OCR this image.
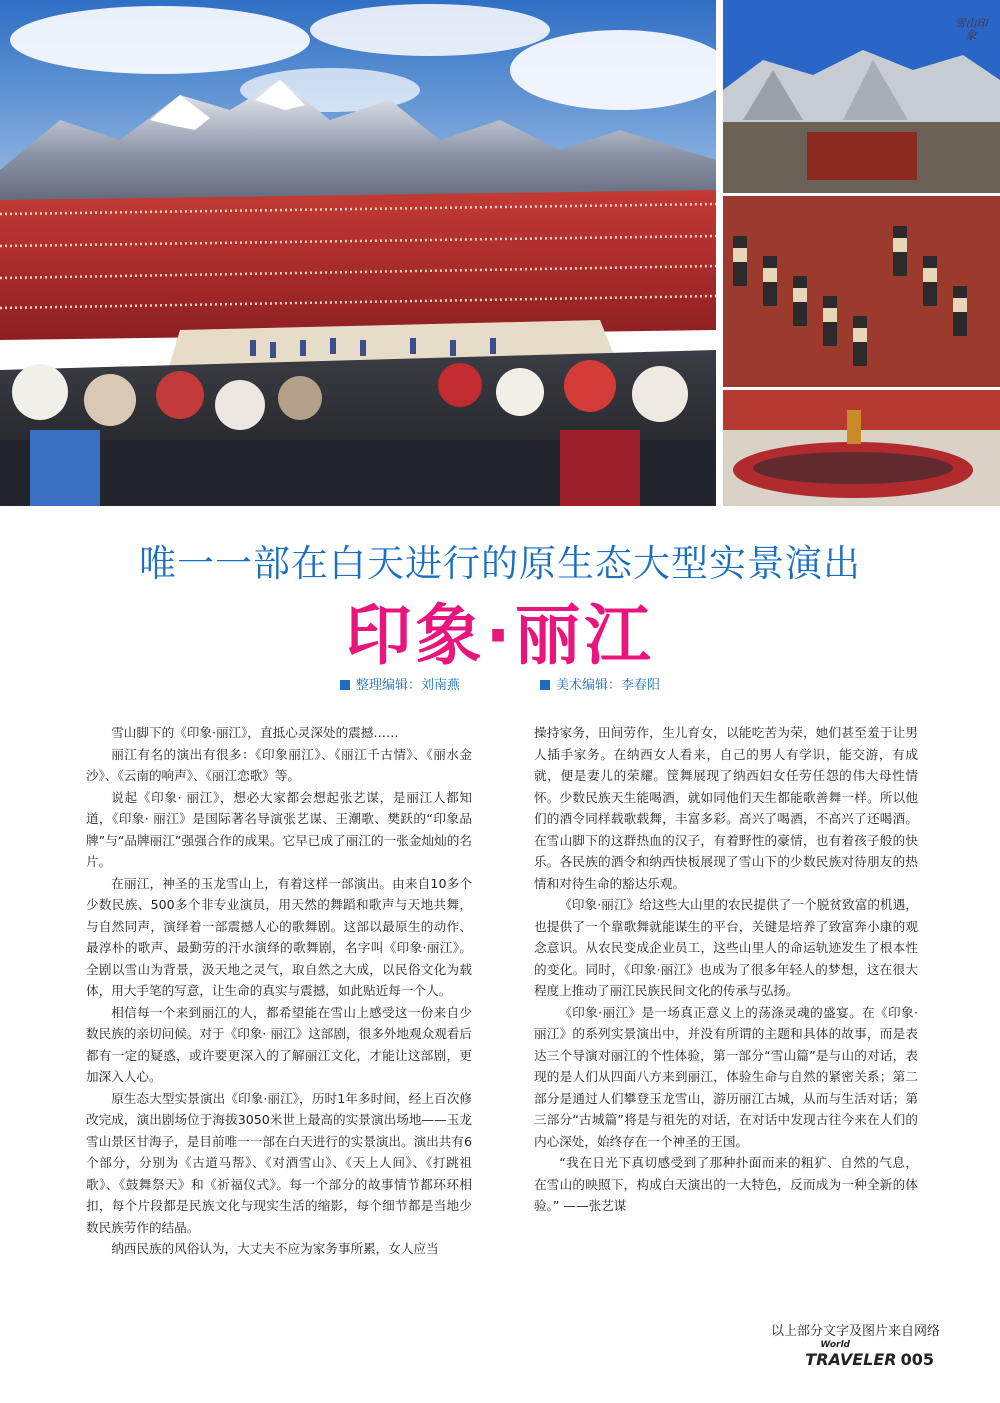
雪山印象
唯一一部在白天进行的原生态大型实景演出
印象·丽江
整理编辑：刘南燕	美术编辑：李春阳

雪山脚下的《印象·丽江》，直抵心灵深处的震撼……

丽江有名的演出有很多：《印象丽江》、《丽江千古情》、《丽水金沙》、《云南的响声》、《丽江恋歌》等。

说起《印象· 丽江》，想必大家都会想起张艺谋，是丽江人都知道，《印象· 丽江》是国际著名导演张艺谋、王潮歌、樊跃的“印象品牌”与“品牌丽江”强强合作的成果。它早已成了丽江的一张金灿灿的名片。

在丽江，神圣的玉龙雪山上，有着这样一部演出。由来自10多个少数民族、500多个非专业演员，用天然的舞蹈和歌声与天地共舞，与自然同声，演绎着一部震撼人心的歌舞剧。这部以最原生的动作、最淳朴的歌声、最勤劳的汗水演绎的歌舞剧，名字叫《印象·丽江》。全剧以雪山为背景，汲天地之灵气，取自然之大成，以民俗文化为载体，用大手笔的写意，让生命的真实与震撼，如此贴近每一个人。

相信每一个来到丽江的人，都希望能在雪山上感受这一份来自少数民族的亲切问候。对于《印象· 丽江》这部剧，很多外地观众观看后都有一定的疑惑，或许要更深入的了解丽江文化，才能让这部剧，更加深入人心。

原生态大型实景演出《印象·丽江》，历时1年多时间，经上百次修改完成，演出剧场位于海拔3050米世上最高的实景演出场地——玉龙雪山景区甘海子，是目前唯一一部在白天进行的实景演出。演出共有6个部分，分别为《古道马帮》、《对酒雪山》、《天上人间》、《打跳祖歌》、《鼓舞祭天》和《祈福仪式》。每一个部分的故事情节都环环相扣，每个片段都是民族文化与现实生活的缩影，每个细节都是当地少数民族劳作的结晶。

纳西民族的风俗认为，大丈夫不应为家务事所累，女人应当

操持家务，田间劳作，生儿育女，以能吃苦为荣，她们甚至羞于让男人插手家务。在纳西女人看来，自己的男人有学识，能交游，有成就，便是妻儿的荣耀。筐舞展现了纳西妇女任劳任怨的伟大母性情怀。少数民族天生能喝酒，就如同他们天生都能歌善舞一样。所以他们的酒令同样载歌载舞，丰富多彩。高兴了喝酒，不高兴了还喝酒。在雪山脚下的这群热血的汉子，有着野性的豪情，也有着孩子般的快乐。各民族的酒令和纳西快板展现了雪山下的少数民族对待朋友的热情和对待生命的豁达乐观。

《印象·丽江》给这些大山里的农民提供了一个脱贫致富的机遇，也提供了一个靠歌舞就能谋生的平台，关键是培养了致富奔小康的观念意识。从农民变成企业员工，这些山里人的命运轨迹发生了根本性的变化。同时，《印象·丽江》也成为了很多年轻人的梦想，这在很大程度上推动了丽江民族民间文化的传承与弘扬。

《印象·丽江》是一场真正意义上的荡涤灵魂的盛宴。在《印象·丽江》的系列实景演出中，并没有所谓的主题和具体的故事，而是表达三个导演对丽江的个性体验，第一部分“雪山篇”是与山的对话，表现的是人们从四面八方来到丽江，体验生命与自然的紧密关系；第二部分是通过人们攀登玉龙雪山，游历丽江古城，从而与生活对话；第三部分“古城篇”将是与祖先的对话，在对话中发现古往今来在人们的内心深处，始终存在一个神圣的王国。

“我在日光下真切感受到了那种扑面而来的粗犷、自然的气息，在雪山的映照下，构成白天演出的一大特色，反而成为一种全新的体验。” ——张艺谋

以上部分文字及图片来自网络
World
TRAVELER 005
